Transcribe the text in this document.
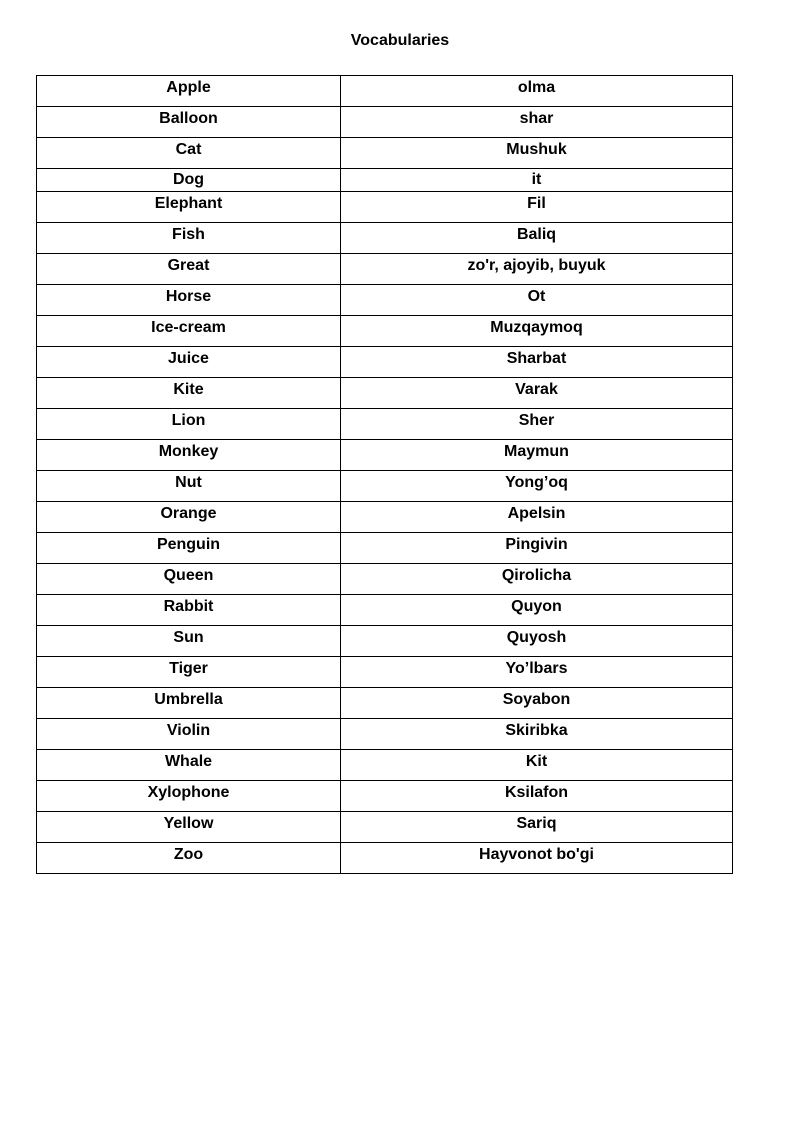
Vocabularies
Apple	olma
Balloon	shar
Cat	Mushuk
Dog	it
Elephant	Fil
Fish	Baliq
Great	zo'r, ajoyib, buyuk
Horse	Ot
Ice-cream	Muzqaymoq
Juice	Sharbat
Kite	Varak
Lion	Sher
Monkey	Maymun
Nut	Yong’oq
Orange	Apelsin
Penguin	Pingivin
Queen	Qirolicha
Rabbit	Quyon
Sun	Quyosh
Tiger	Yo’lbars
Umbrella	Soyabon
Violin	Skiribka
Whale	Kit
Xylophone	Ksilafon
Yellow	Sariq
Zoo	Hayvonot bo'gi
